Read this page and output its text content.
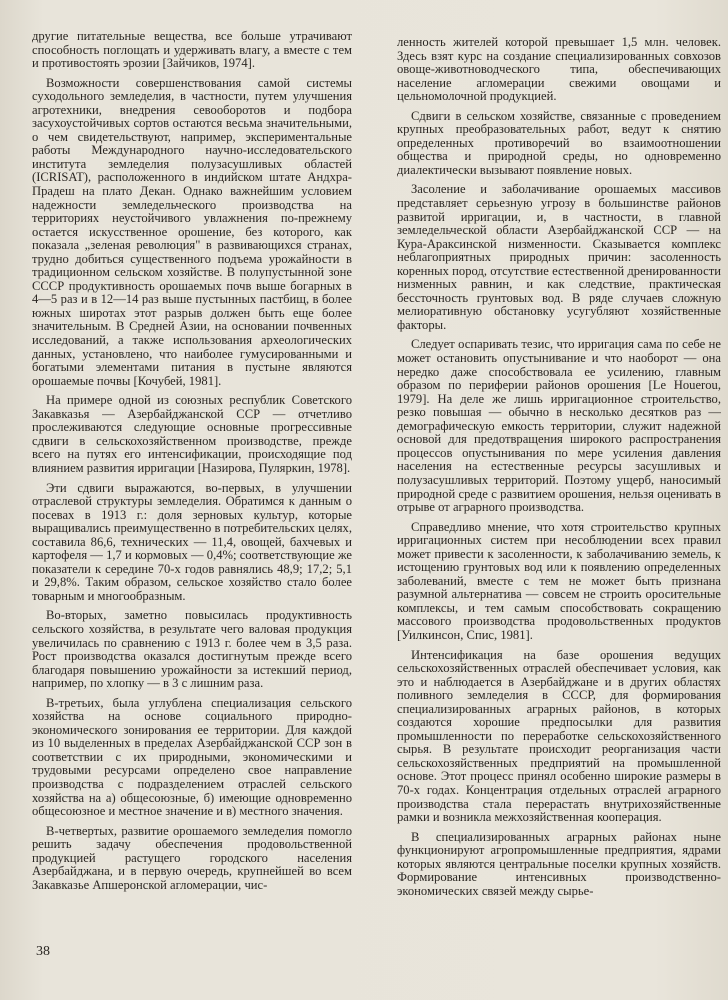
другие питательные вещества, все больше утрачивают способность поглощать и удерживать влагу, а вместе с тем и противостоять эрозии [Зайчиков, 1974].

Возможности совершенствования самой системы суходольного земледелия, в частности, путем улучшения агротехники, внедрения севооборотов и подбора засухоустойчивых сортов остаются весьма значительными, о чем свидетельствуют, например, экспериментальные работы Международного научно-исследовательского института земледелия полузасушливых областей (ICRISAT), расположенного в индийском штате Андхра-Прадеш на плато Декан. Однако важнейшим условием надежности земледельческого производства на территориях неустойчивого увлажнения по-прежнему остается искусственное орошение, без которого, как показала „зеленая революция" в развивающихся странах, трудно добиться существенного подъема урожайности в традиционном сельском хозяйстве. В полупустынной зоне СССР продуктивность орошаемых почв выше богарных в 4—5 раз и в 12—14 раз выше пустынных пастбищ, в более южных широтах этот разрыв должен быть еще более значительным. В Средней Азии, на основании почвенных исследований, а также использования археологических данных, установлено, что наиболее гумусированными и богатыми элементами питания в пустыне являются орошаемые почвы [Кочубей, 1981].

На примере одной из союзных республик Советского Закавказья — Азербайджанской ССР — отчетливо прослеживаются следующие основные прогрессивные сдвиги в сельскохозяйственном производстве, прежде всего на путях его интенсификации, происходящие под влиянием развития ирригации [Назирова, Пуляркин, 1978].

Эти сдвиги выражаются, во-первых, в улучшении отраслевой структуры земледелия. Обратимся к данным о посевах в 1913 г.: доля зерновых культур, которые выращивались преимущественно в потребительских целях, составила 86,6, технических — 11,4, овощей, бахчевых и картофеля — 1,7 и кормовых — 0,4%; соответствующие же показатели к середине 70-х годов равнялись 48,9; 17,2; 5,1 и 29,8%. Таким образом, сельское хозяйство стало более товарным и многообразным.

Во-вторых, заметно повысилась продуктивность сельского хозяйства, в результате чего валовая продукция увеличилась по сравнению с 1913 г. более чем в 3,5 раза. Рост производства оказался достигнутым прежде всего благодаря повышению урожайности за истекший период, например, по хлопку — в 3 с лишним раза.

В-третьих, была углублена специализация сельского хозяйства на основе социального природно-экономического зонирования ее территории. Для каждой из 10 выделенных в пределах Азербайджанской ССР зон в соответствии с их природными, экономическими и трудовыми ресурсами определено свое направление производства с подразделением отраслей сельского хозяйства на а) общесоюзные, б) имеющие одновременно общесоюзное и местное значение и в) местного значения.

В-четвертых, развитие орошаемого земледелия помогло решить задачу обеспечения продовольственной продукцией растущего городского населения Азербайджана, и в первую очередь, крупнейшей во всем Закавказье Апшеронской агломерации, чис-

ленность жителей которой превышает 1,5 млн. человек. Здесь взят курс на создание специализированных совхозов овоще-животноводческого типа, обеспечивающих население агломерации свежими овощами и цельномолочной продукцией.

Сдвиги в сельском хозяйстве, связанные с проведением крупных преобразовательных работ, ведут к снятию определенных противоречий во взаимоотношении общества и природной среды, но одновременно диалектически вызывают появление новых.

Засоление и заболачивание орошаемых массивов представляет серьезную угрозу в большинстве районов развитой ирригации, и, в частности, в главной земледельческой области Азербайджанской ССР — на Кура-Араксинской низменности. Сказывается комплекс неблагоприятных природных причин: засоленность коренных пород, отсутствие естественной дренированности низменных равнин, и как следствие, практическая бессточность грунтовых вод. В ряде случаев сложную мелиоративную обстановку усугубляют хозяйственные факторы.

Следует оспаривать тезис, что ирригация сама по себе не может остановить опустынивание и что наоборот — она нередко даже способствовала ее усилению, главным образом по периферии районов орошения [Le Houerou, 1979]. На деле же лишь ирригационное строительство, резко повышая — обычно в несколько десятков раз — демографическую емкость территории, служит надежной основой для предотвращения широкого распространения процессов опустынивания по мере усиления давления населения на естественные ресурсы засушливых и полузасушливых территорий. Поэтому ущерб, наносимый природной среде с развитием орошения, нельзя оценивать в отрыве от аграрного производства.

Справедливо мнение, что хотя строительство крупных ирригационных систем при несоблюдении всех правил может привести к засоленности, к заболачиванию земель, к истощению грунтовых вод или к появлению определенных заболеваний, вместе с тем не может быть признана разумной альтернатива — совсем не строить оросительные комплексы, и тем самым способствовать сокращению массового производства продовольственных продуктов [Уилкинсон, Спис, 1981].

Интенсификация на базе орошения ведущих сельскохозяйственных отраслей обеспечивает условия, как это и наблюдается в Азербайджане и в других областях поливного земледелия в СССР, для формирования специализированных аграрных районов, в которых создаются хорошие предпосылки для развития промышленности по переработке сельскохозяйственного сырья. В результате происходит реорганизация части сельскохозяйственных предприятий на промышленной основе. Этот процесс принял особенно широкие размеры в 70-х годах. Концентрация отдельных отраслей аграрного производства стала перерастать внутрихозяйственные рамки и возникла межхозяйственная кооперация.

В специализированных аграрных районах ныне функционируют агропромышленные предприятия, ядрами которых являются центральные поселки крупных хозяйств. Формирование интенсивных производственно-экономических связей между сырье-

38
